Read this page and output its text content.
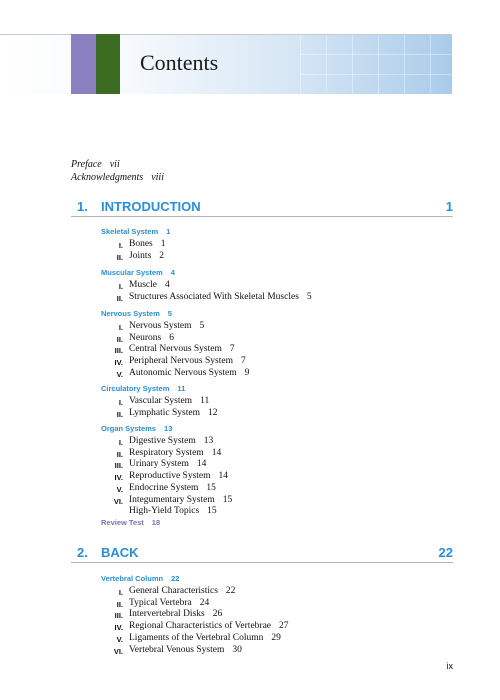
Contents
Preface vii
Acknowledgments viii
1. INTRODUCTION	1
Skeletal System 1
I. Bones 1
II. Joints 2
Muscular System 4
I. Muscle 4
II. Structures Associated With Skeletal Muscles 5
Nervous System 5
I. Nervous System 5
II. Neurons 6
III. Central Nervous System 7
IV. Peripheral Nervous System 7
V. Autonomic Nervous System 9
Circulatory System 11
I. Vascular System 11
II. Lymphatic System 12
Organ Systems 13
I. Digestive System 13
II. Respiratory System 14
III. Urinary System 14
IV. Reproductive System 14
V. Endocrine System 15
VI. Integumentary System 15
High-Yield Topics 15
Review Test 18
2. BACK	22
Vertebral Column 22
I. General Characteristics 22
II. Typical Vertebra 24
III. Intervertebral Disks 26
IV. Regional Characteristics of Vertebrae 27
V. Ligaments of the Vertebral Column 29
VI. Vertebral Venous System 30
ix
